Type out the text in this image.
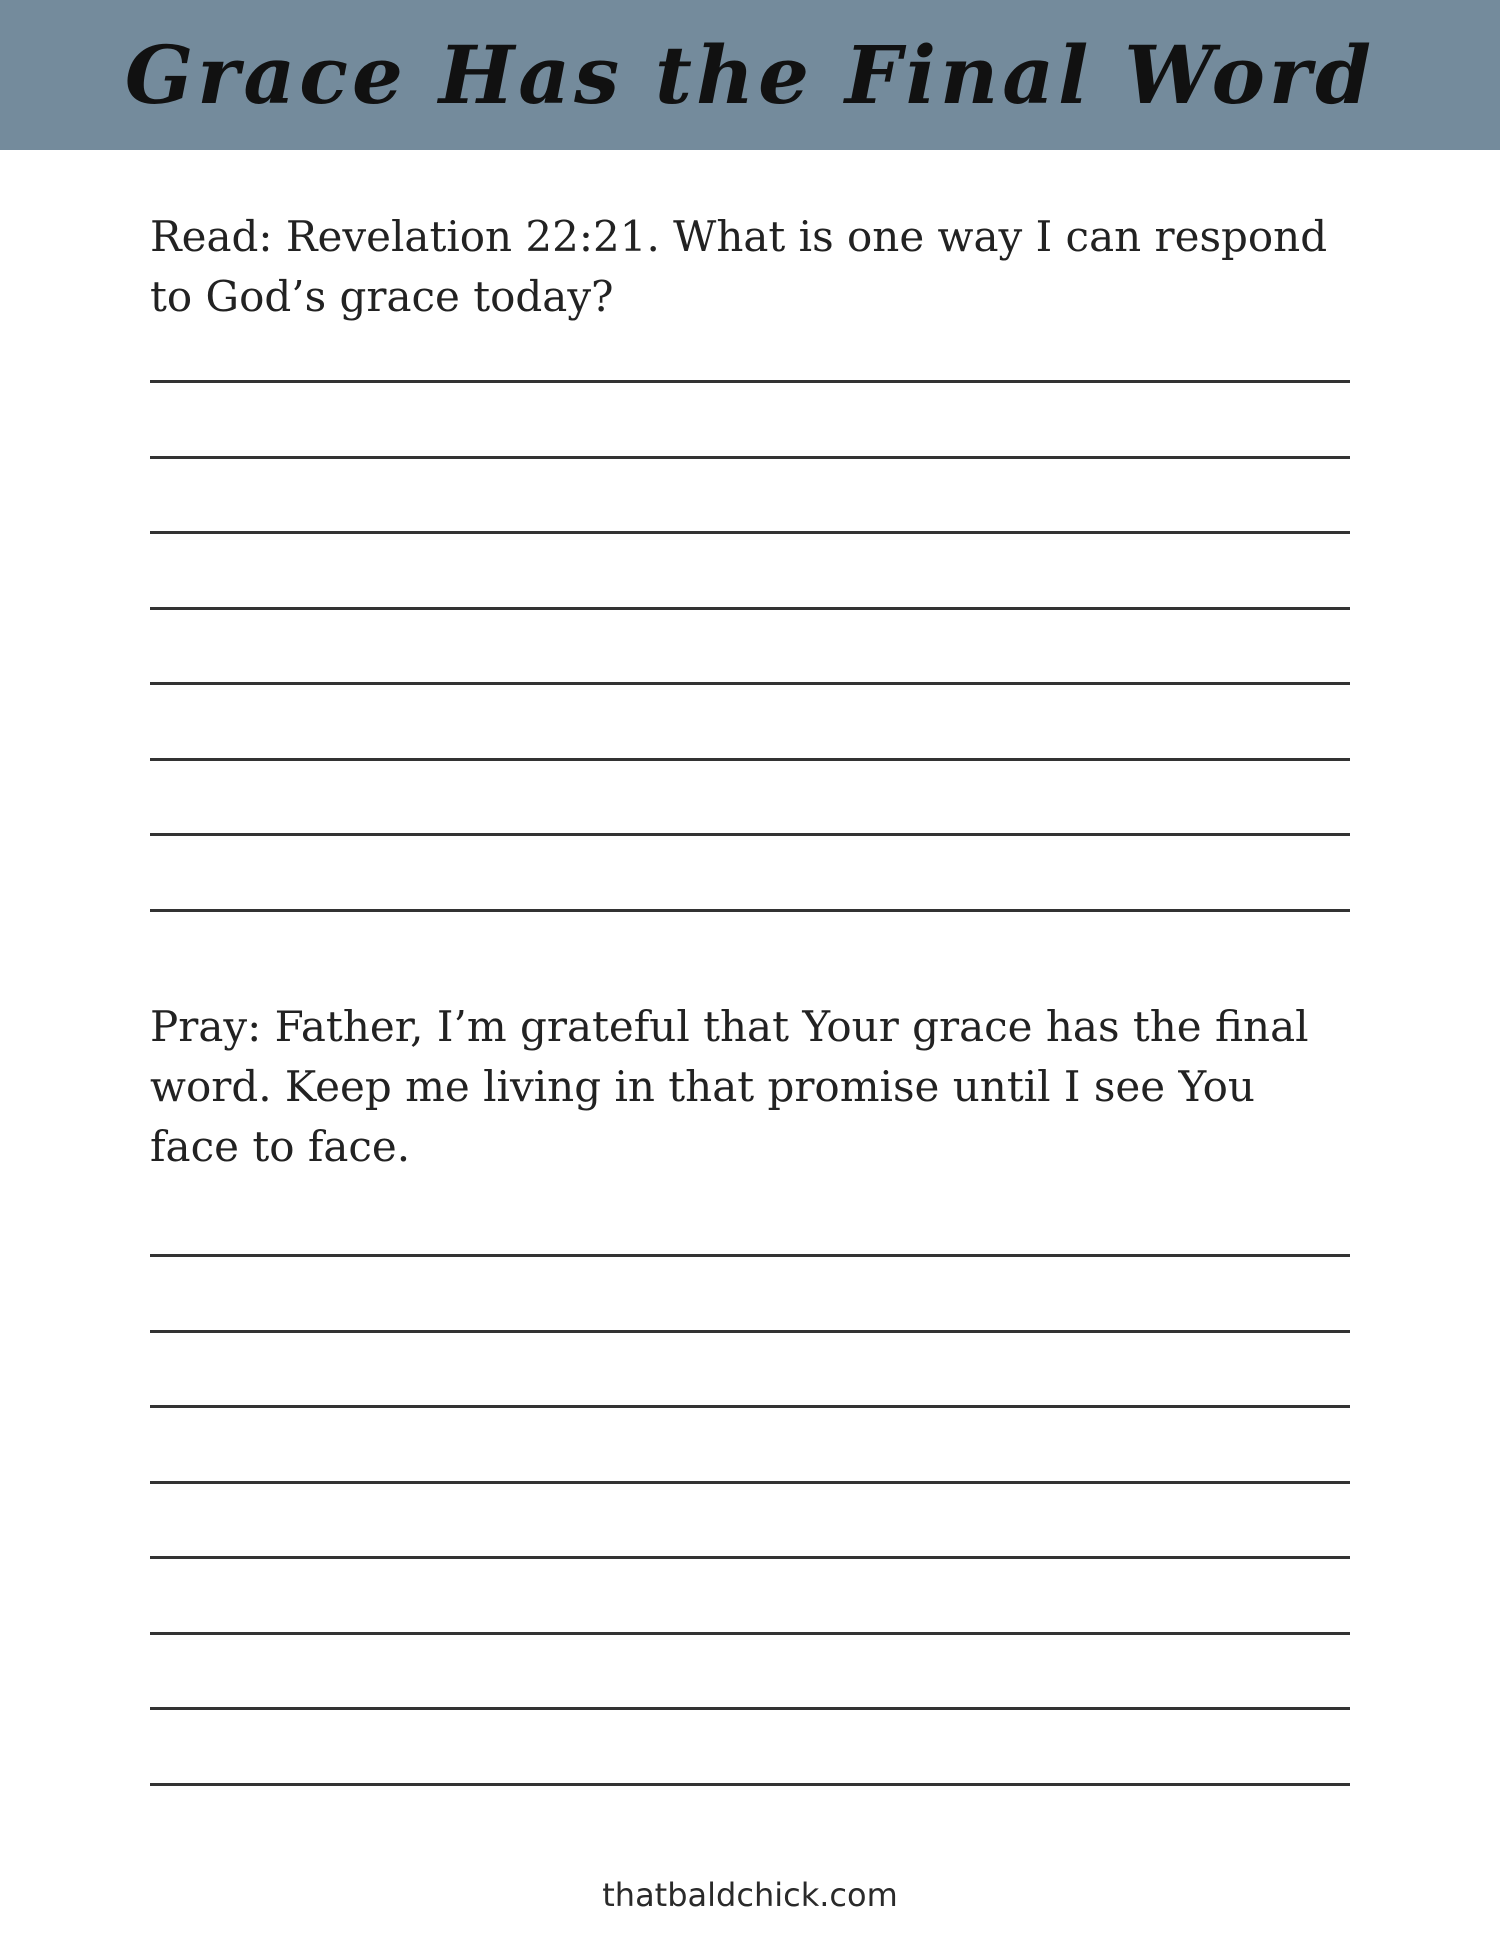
Grace Has the Final Word

Read: Revelation 22:21. What is one way I can respond to God’s grace today?

Pray: Father, I’m grateful that Your grace has the final word. Keep me living in that promise until I see You face to face.

thatbaldchick.com
